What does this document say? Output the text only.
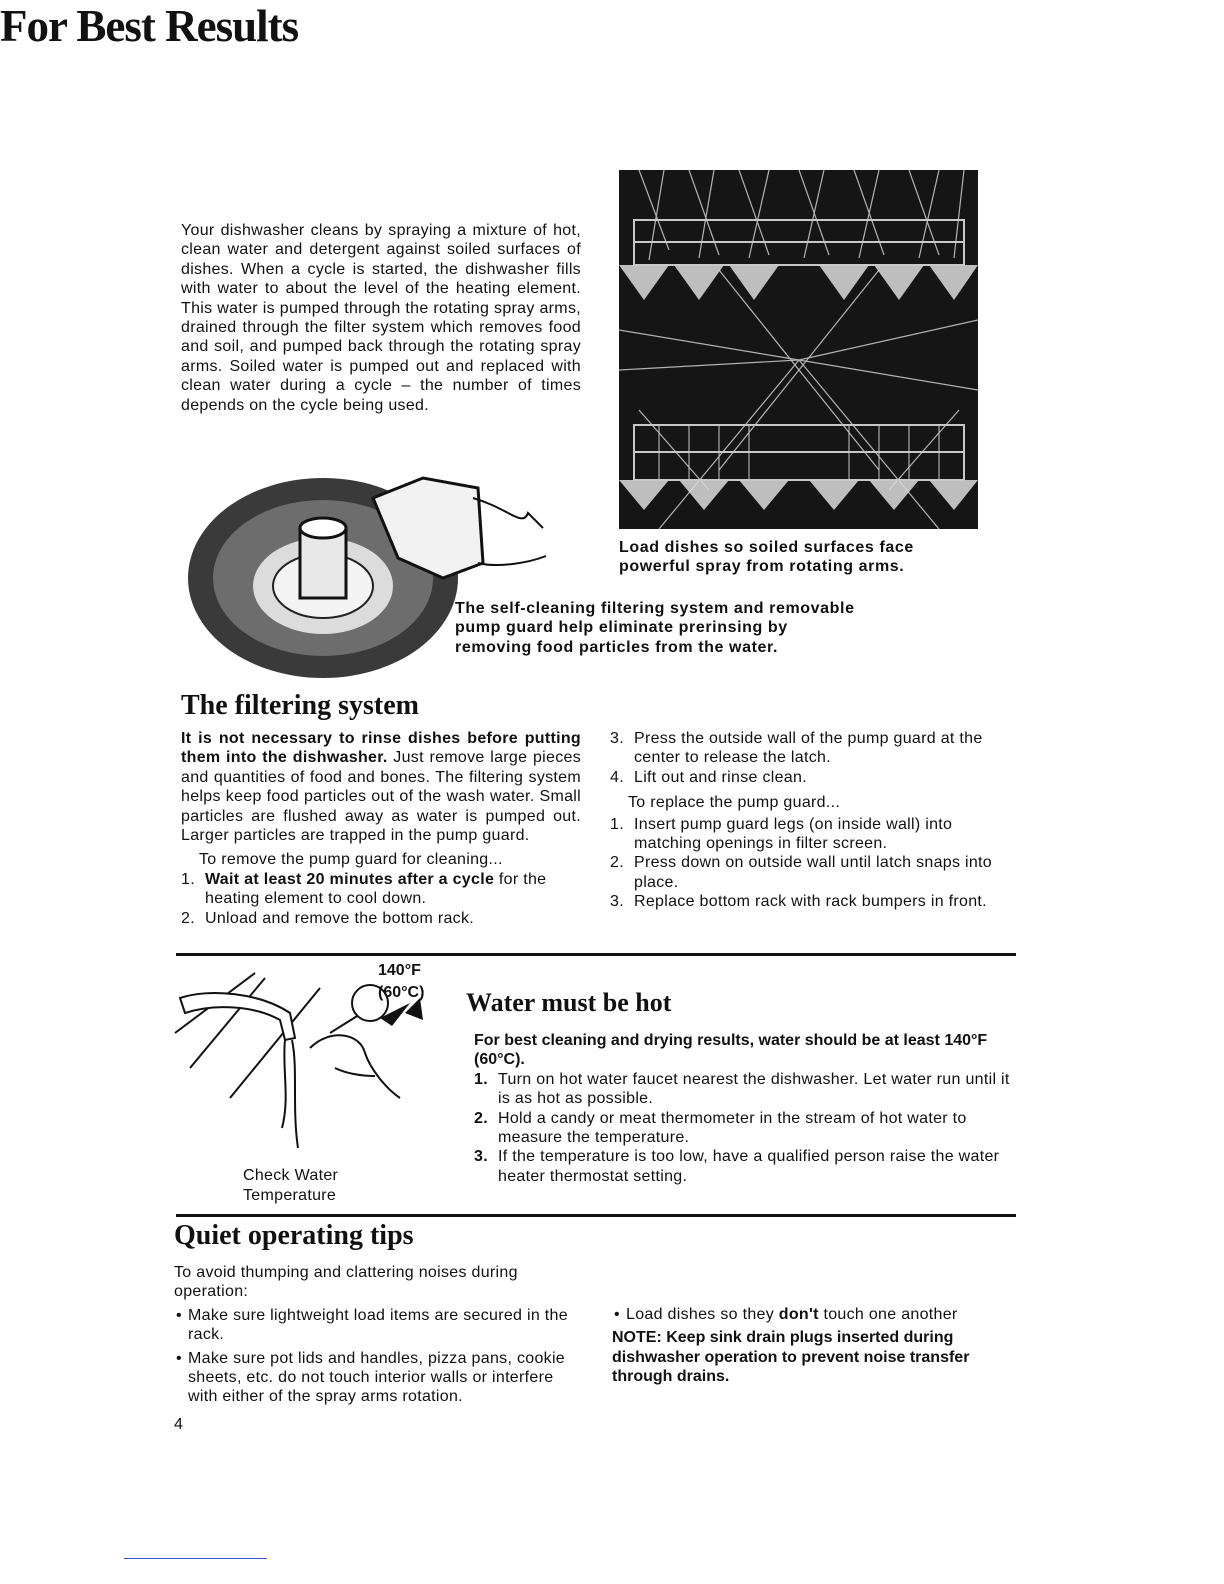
For Best Results

Your dishwasher cleans by spraying a mixture of hot, clean water and detergent against soiled surfaces of dishes. When a cycle is started, the dishwasher fills with water to about the level of the heating element. This water is pumped through the rotating spray arms, drained through the filter system which removes food and soil, and pumped back through the rotating spray arms. Soiled water is pumped out and replaced with clean water during a cycle – the number of times depends on the cycle being used.

Load dishes so soiled surfaces face powerful spray from rotating arms.
The self-cleaning filtering system and removable pump guard help eliminate prerinsing by removing food particles from the water.
The filtering system

It is not necessary to rinse dishes before putting them into the dishwasher. Just remove large pieces and quantities of food and bones. The filtering system helps keep food particles out of the wash water. Small particles are flushed away as water is pumped out. Larger particles are trapped in the pump guard.

To remove the pump guard for cleaning...

1. Wait at least 20 minutes after a cycle for the heating element to cool down.
2. Unload and remove the bottom rack.
3. Press the outside wall of the pump guard at the center to release the latch.
4. Lift out and rinse clean.

To replace the pump guard...

1. Insert pump guard legs (on inside wall) into matching openings in filter screen.
2. Press down on outside wall until latch snaps into place.
3. Replace bottom rack with rack bumpers in front.
140°F
(60°C)
Check Water
Temperature
Water must be hot

For best cleaning and drying results, water should be at least 140°F (60°C).

1. Turn on hot water faucet nearest the dishwasher. Let water run until it is as hot as possible.
2. Hold a candy or meat thermometer in the stream of hot water to measure the temperature.
3. If the temperature is too low, have a qualified person raise the water heater thermostat setting.
Quiet operating tips

To avoid thumping and clattering noises during operation:

• Make sure lightweight load items are secured in the rack.
• Make sure pot lids and handles, pizza pans, cookie sheets, etc. do not touch interior walls or interfere with either of the spray arms rotation.
• Load dishes so they don't touch one another

NOTE: Keep sink drain plugs inserted during dishwasher operation to prevent noise transfer through drains.

4
